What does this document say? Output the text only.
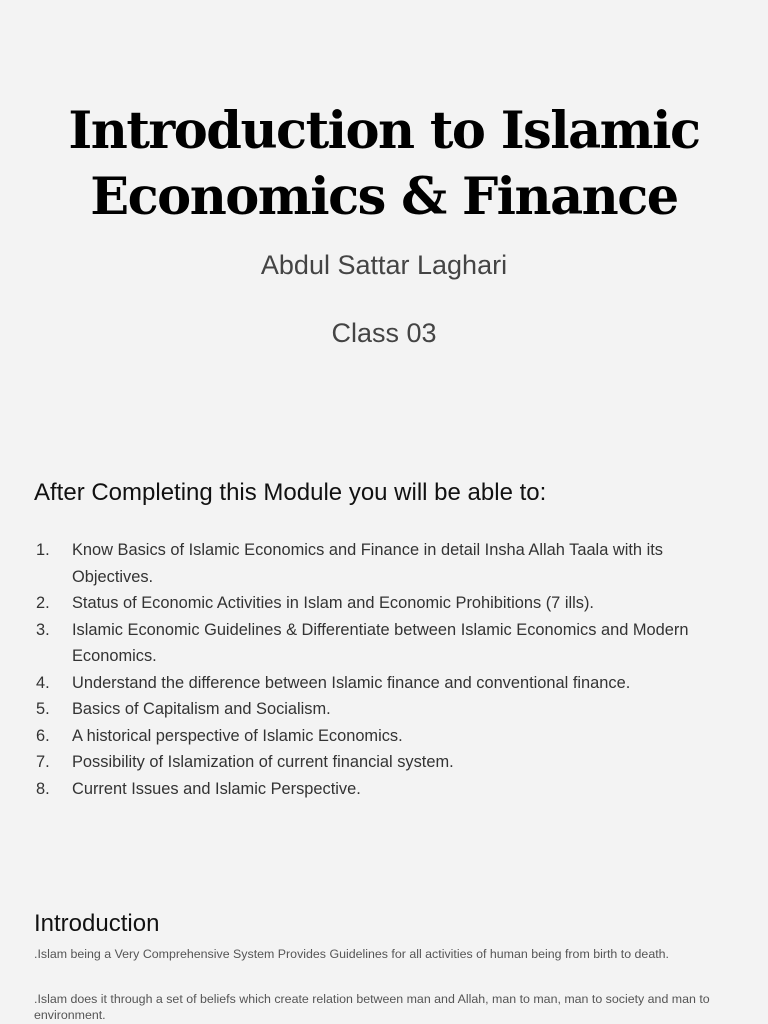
Introduction to Islamic
Economics & Finance
Abdul Sattar Laghari
Class 03
After Completing this Module you will be able to:
1.	Know Basics of Islamic Economics and Finance in detail Insha Allah Taala with its Objectives.
2.	Status of Economic Activities in Islam and Economic Prohibitions (7 ills).
3.	Islamic Economic Guidelines & Differentiate between Islamic Economics and Modern Economics.
4.	Understand the difference between Islamic finance and conventional finance.
5.	Basics of Capitalism and Socialism.
6.	A historical perspective of Islamic Economics.
7.	Possibility of Islamization of current financial system.
8.	Current Issues and Islamic Perspective.
Introduction

.Islam being a Very Comprehensive System Provides Guidelines for all activities of human being from birth to death.

.Islam does it through a set of beliefs which create relation between man and Allah, man to man, man to society and man to environment.
